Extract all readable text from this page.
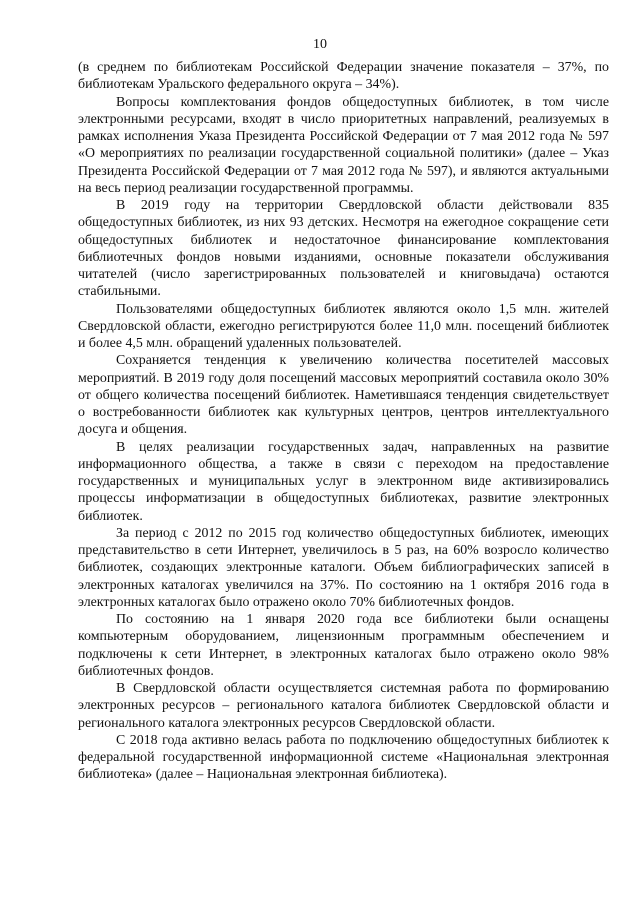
10

(в среднем по библиотекам Российской Федерации значение показателя – 37%, по библиотекам Уральского федерального округа – 34%).

Вопросы комплектования фондов общедоступных библиотек, в том числе электронными ресурсами, входят в число приоритетных направлений, реализуемых в рамках исполнения Указа Президента Российской Федерации от 7 мая 2012 года № 597 «О мероприятиях по реализации государственной социальной политики» (далее – Указ Президента Российской Федерации от 7 мая 2012 года № 597), и являются актуальными на весь период реализации государственной программы.

В 2019 году на территории Свердловской области действовали 835 общедоступных библиотек, из них 93 детских. Несмотря на ежегодное сокращение сети общедоступных библиотек и недостаточное финансирование комплектования библиотечных фондов новыми изданиями, основные показатели обслуживания читателей (число зарегистрированных пользователей и книговыдача) остаются стабильными.

Пользователями общедоступных библиотек являются около 1,5 млн. жителей Свердловской области, ежегодно регистрируются более 11,0 млн. посещений библиотек и более 4,5 млн. обращений удаленных пользователей.

Сохраняется тенденция к увеличению количества посетителей массовых мероприятий. В 2019 году доля посещений массовых мероприятий составила около 30% от общего количества посещений библиотек. Наметившаяся тенденция свидетельствует о востребованности библиотек как культурных центров, центров интеллектуального досуга и общения.

В целях реализации государственных задач, направленных на развитие информационного общества, а также в связи с переходом на предоставление государственных и муниципальных услуг в электронном виде активизировались процессы информатизации в общедоступных библиотеках, развитие электронных библиотек.

За период с 2012 по 2015 год количество общедоступных библиотек, имеющих представительство в сети Интернет, увеличилось в 5 раз, на 60% возросло количество библиотек, создающих электронные каталоги. Объем библиографических записей в электронных каталогах увеличился на 37%. По состоянию на 1 октября 2016 года в электронных каталогах было отражено около 70% библиотечных фондов.

По состоянию на 1 января 2020 года все библиотеки были оснащены компьютерным оборудованием, лицензионным программным обеспечением и подключены к сети Интернет, в электронных каталогах было отражено около 98% библиотечных фондов.

В Свердловской области осуществляется системная работа по формированию электронных ресурсов – регионального каталога библиотек Свердловской области и регионального каталога электронных ресурсов Свердловской области.

С 2018 года активно велась работа по подключению общедоступных библиотек к федеральной государственной информационной системе «Национальная электронная библиотека» (далее – Национальная электронная библиотека).
